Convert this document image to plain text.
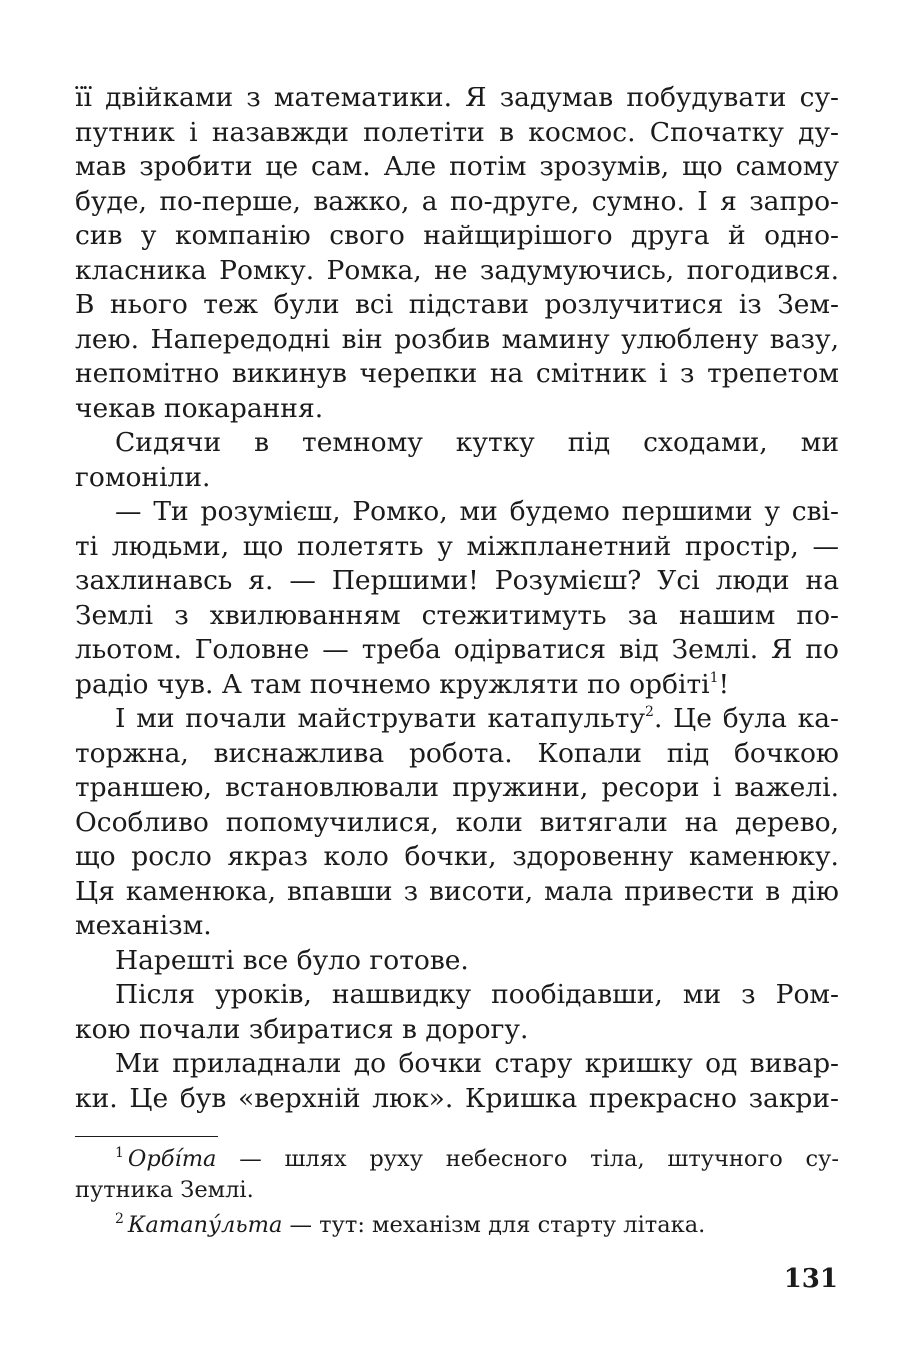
її двійками з математики. Я задумав побудувати су-
путник і назавжди полетіти в космос. Спочатку ду-
мав зробити це сам. Але потім зрозумів, що самому
буде, по-перше, важко, а по-друге, сумно. І я запро-
сив у компанію свого найщирішого друга й одно-
класника Ромку. Ромка, не задумуючись, погодився.
В нього теж були всі підстави розлучитися із Зем-
лею. Напередодні він розбив мамину улюблену вазу,
непомітно викинув черепки на смітник і з трепетом
чекав покарання.
Сидячи в темному кутку під сходами, ми
гомоніли.
— Ти розумієш, Ромко, ми будемо першими у сві-
ті людьми, що полетять у міжпланетний простір, —
захлинавсь я. — Першими! Розумієш? Усі люди на
Землі з хвилюванням стежитимуть за нашим по-
льотом. Головне — треба одірватися від Землі. Я по
радіо чув. А там почнемо кружляти по орбіті$^1$!
І ми почали майструвати катапульту$^2$. Це була ка-
торжна, виснажлива робота. Копали під бочкою
траншею, встановлювали пружини, ресори і важелі.
Особливо попомучилися, коли витягали на дерево,
що росло якраз коло бочки, здоровенну каменюку.
Ця каменюка, впавши з висоти, мала привести в дію
механізм.
Нарешті все було готове.
Після уроків, нашвидку пообідавши, ми з Ром-
кою почали збиратися в дорогу.
Ми приладнали до бочки стару кришку од вивар-
ки. Це був «верхній люк». Кришка прекрасно закри-
$^1$ Орбі́та — шлях руху небесного тіла, штучного су-
путника Землі.
$^2$ Катапу́льта — тут: механізм для старту літака.
131
